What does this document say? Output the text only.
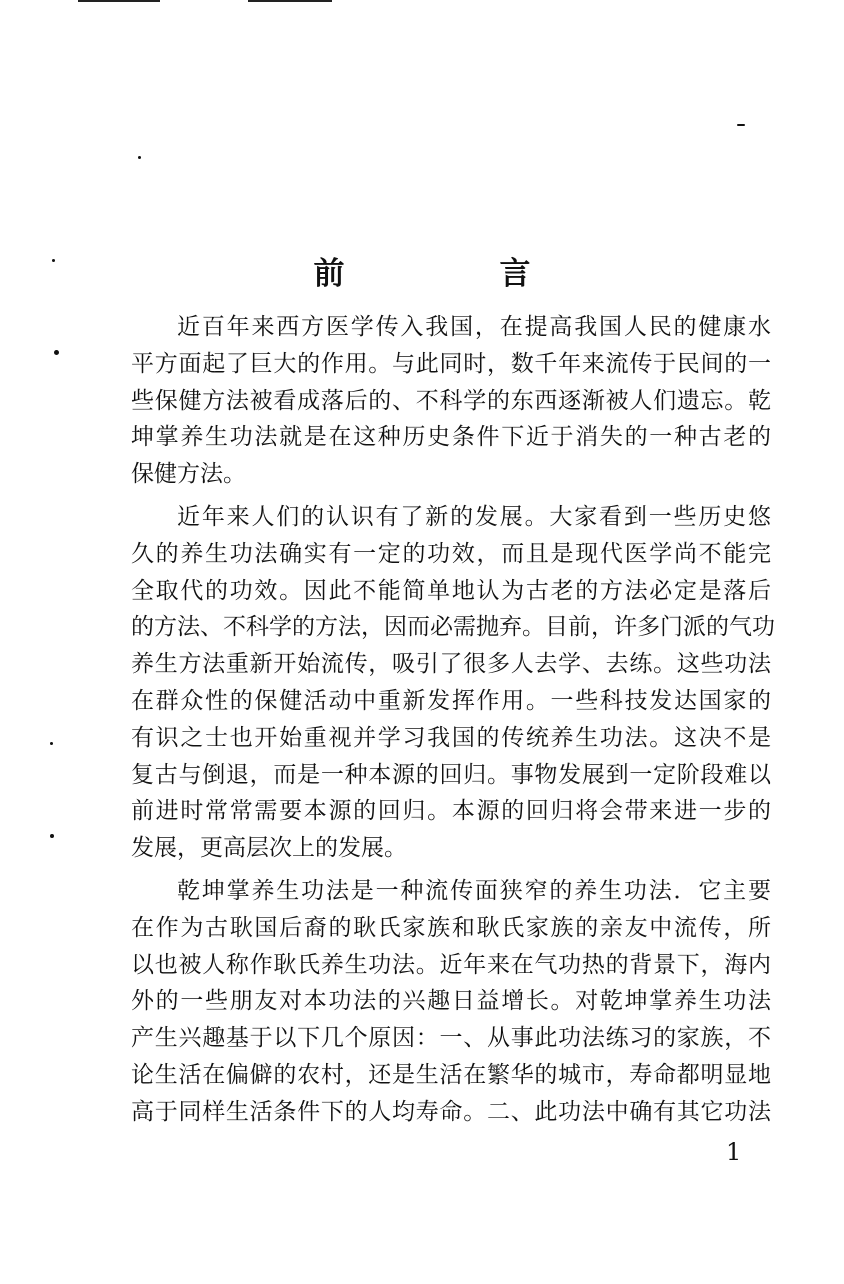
前　言
近百年来西方医学传入我国，在提高我国人民的健康水
平方面起了巨大的作用。与此同时，数千年来流传于民间的一
些保健方法被看成落后的、不科学的东西逐渐被人们遗忘。乾
坤掌养生功法就是在这种历史条件下近于消失的一种古老的
保健方法。
近年来人们的认识有了新的发展。大家看到一些历史悠
久的养生功法确实有一定的功效，而且是现代医学尚不能完
全取代的功效。因此不能简单地认为古老的方法必定是落后
的方法、不科学的方法，因而必需抛弃。目前，许多门派的气功
养生方法重新开始流传，吸引了很多人去学、去练。这些功法
在群众性的保健活动中重新发挥作用。一些科技发达国家的
有识之士也开始重视并学习我国的传统养生功法。这决不是
复古与倒退，而是一种本源的回归。事物发展到一定阶段难以
前进时常常需要本源的回归。本源的回归将会带来进一步的
发展，更高层次上的发展。
乾坤掌养生功法是一种流传面狭窄的养生功法．它主要
在作为古耿国后裔的耿氏家族和耿氏家族的亲友中流传，所
以也被人称作耿氏养生功法。近年来在气功热的背景下，海内
外的一些朋友对本功法的兴趣日益增长。对乾坤掌养生功法
产生兴趣基于以下几个原因：一、从事此功法练习的家族，不
论生活在偏僻的农村，还是生活在繁华的城市，寿命都明显地
高于同样生活条件下的人均寿命。二、此功法中确有其它功法
1
